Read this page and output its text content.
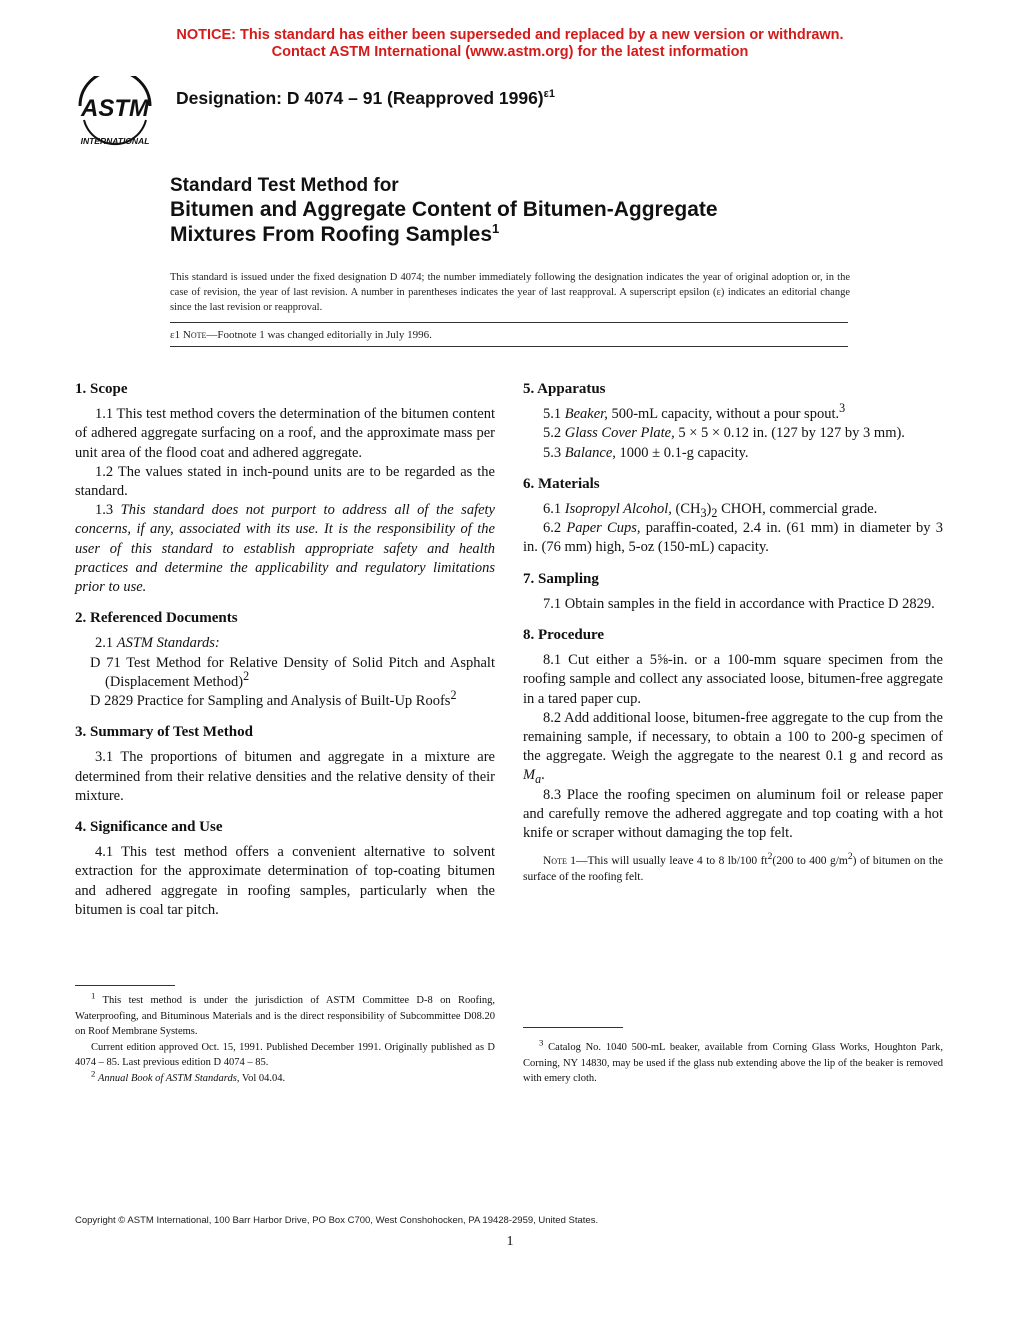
NOTICE: This standard has either been superseded and replaced by a new version or withdrawn.
Contact ASTM International (www.astm.org) for the latest information
ASTM
INTERNATIONAL
Designation: D 4074 – 91 (Reapproved 1996)$^{\varepsilon 1}$
Standard Test Method for
Bitumen and Aggregate Content of Bitumen-Aggregate
Mixtures From Roofing Samples$^1$
This standard is issued under the fixed designation D 4074; the number immediately following the designation indicates the year of original adoption or, in the case of revision, the year of last revision. A number in parentheses indicates the year of last reapproval. A superscript epsilon (ε) indicates an editorial change since the last revision or reapproval.
ε1 Note—Footnote 1 was changed editorially in July 1996.
1. Scope

1.1 This test method covers the determination of the bitumen content of adhered aggregate surfacing on a roof, and the approximate mass per unit area of the flood coat and adhered aggregate.

1.2 The values stated in inch-pound units are to be regarded as the standard.

1.3 This standard does not purport to address all of the safety concerns, if any, associated with its use. It is the responsibility of the user of this standard to establish appropriate safety and health practices and determine the applicability and regulatory limitations prior to use.

2. Referenced Documents

2.1 ASTM Standards:

D 71 Test Method for Relative Density of Solid Pitch and Asphalt (Displacement Method)$^2$

D 2829 Practice for Sampling and Analysis of Built-Up Roofs$^2$

3. Summary of Test Method

3.1 The proportions of bitumen and aggregate in a mixture are determined from their relative densities and the relative density of their mixture.

4. Significance and Use

4.1 This test method offers a convenient alternative to solvent extraction for the approximate determination of top-coating bitumen and adhered aggregate in roofing samples, particularly when the bitumen is coal tar pitch.

5. Apparatus

5.1 Beaker, 500-mL capacity, without a pour spout.$^3$

5.2 Glass Cover Plate, 5 × 5 × 0.12 in. (127 by 127 by 3 mm).

5.3 Balance, 1000 ± 0.1-g capacity.

6. Materials

6.1 Isopropyl Alcohol, $(CH_3)_2$ CHOH, commercial grade.

6.2 Paper Cups, paraffin-coated, 2.4 in. (61 mm) in diameter by 3 in. (76 mm) high, 5-oz (150-mL) capacity.

7. Sampling

7.1 Obtain samples in the field in accordance with Practice D 2829.

8. Procedure

8.1 Cut either a 5⅝-in. or a 100-mm square specimen from the roofing sample and collect any associated loose, bitumen-free aggregate in a tared paper cup.

8.2 Add additional loose, bitumen-free aggregate to the cup from the remaining sample, if necessary, to obtain a 100 to 200-g specimen of the aggregate. Weigh the aggregate to the nearest 0.1 g and record as $M_a$.

8.3 Place the roofing specimen on aluminum foil or release paper and carefully remove the adhered aggregate and top coating with a hot knife or scraper without damaging the top felt.

Note 1—This will usually leave 4 to 8 lb/100 $ft^2(200$ to 400 $g/m^2$) of bitumen on the surface of the roofing felt.

$^1$ This test method is under the jurisdiction of ASTM Committee D-8 on Roofing, Waterproofing, and Bituminous Materials and is the direct responsibility of Subcommittee D08.20 on Roof Membrane Systems.

Current edition approved Oct. 15, 1991. Published December 1991. Originally published as D 4074 – 85. Last previous edition D 4074 – 85.

$^2$ Annual Book of ASTM Standards, Vol 04.04.

$^3$ Catalog No. 1040 500-mL beaker, available from Corning Glass Works, Houghton Park, Corning, NY 14830, may be used if the glass nub extending above the lip of the beaker is removed with emery cloth.

Copyright © ASTM International, 100 Barr Harbor Drive, PO Box C700, West Conshohocken, PA 19428-2959, United States.
1
